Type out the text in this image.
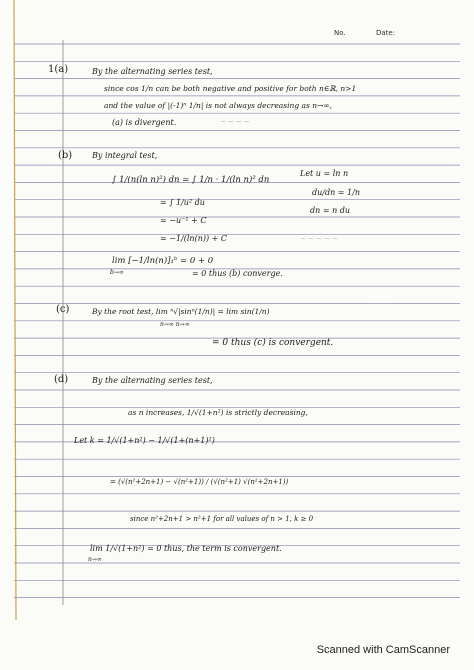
No.	Date:
~ ~ ~ ~
~ ~ ~ ~ ~
~ ~ ~
1(a)	By the alternating series test,
since cos 1/n can be both negative and positive for both n∈ℝ, n>1
and the value of |(-1)ⁿ 1/n| is not always decreasing as n→∞,
(a) is divergent.
(b) By integral test,
Let u = ln n
du/dn = 1/n
dn = n du
∫ 1/(n(ln n)²) dn = ∫ 1/n · 1/(ln n)² dn
= ∫ 1/u² du
= −u⁻¹ + C
= −1/(ln(n)) + C
lim [−1/ln(n)]₁ᵇ = 0 + 0
b→∞	= 0 thus (b) converge.
(c)	By the root test, lim ⁿ√|sinⁿ(1/n)| = lim sin(1/n)
n→∞ n→∞
= 0 thus (c) is convergent.
(d)	By the alternating series test,
as n increases, 1/√(1+n²) is strictly decreasing,
Let k = 1/√(1+n²) − 1/√(1+(n+1)²)
= (√(n²+2n+1) − √(n²+1)) / (√(n²+1) √(n²+2n+1))
since n²+2n+1 > n²+1 for all values of n > 1, k ≥ 0
lim 1/√(1+n²) = 0 thus, the term is convergent.
n→∞
Scanned with CamScanner
